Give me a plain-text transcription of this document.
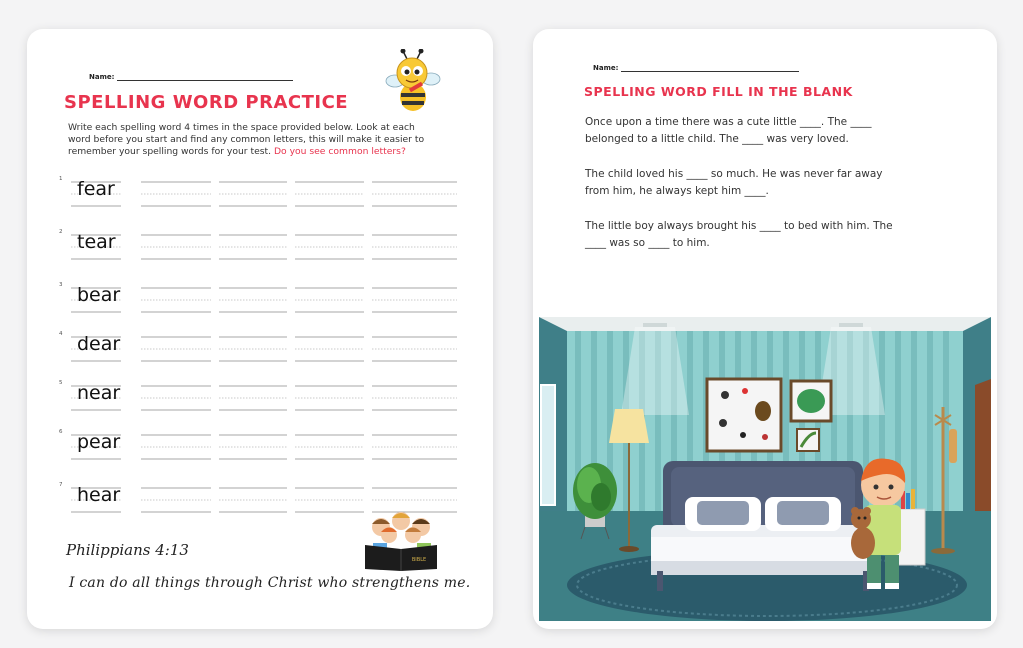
Name:
SPELLING WORD PRACTICE
Write each spelling word 4 times in the space provided below. Look at each word before you start and find any common letters, this will make it easier to remember your spelling words for your test. Do you see common letters?
1 fear
2 tear
3 bear
4 dear
5 near
6 pear
7 hear
BIBLE
Philippians 4:13
I can do all things through Christ who strengthens me.
Name:
SPELLING WORD FILL IN THE BLANK
Once upon a time there was a cute little ____. The ____
belonged to a little child. The ____ was very loved.
The child loved his ____ so much. He was never far away
from him, he always kept him ____.
The little boy always brought his ____ to bed with him. The
____ was so ____ to him.
